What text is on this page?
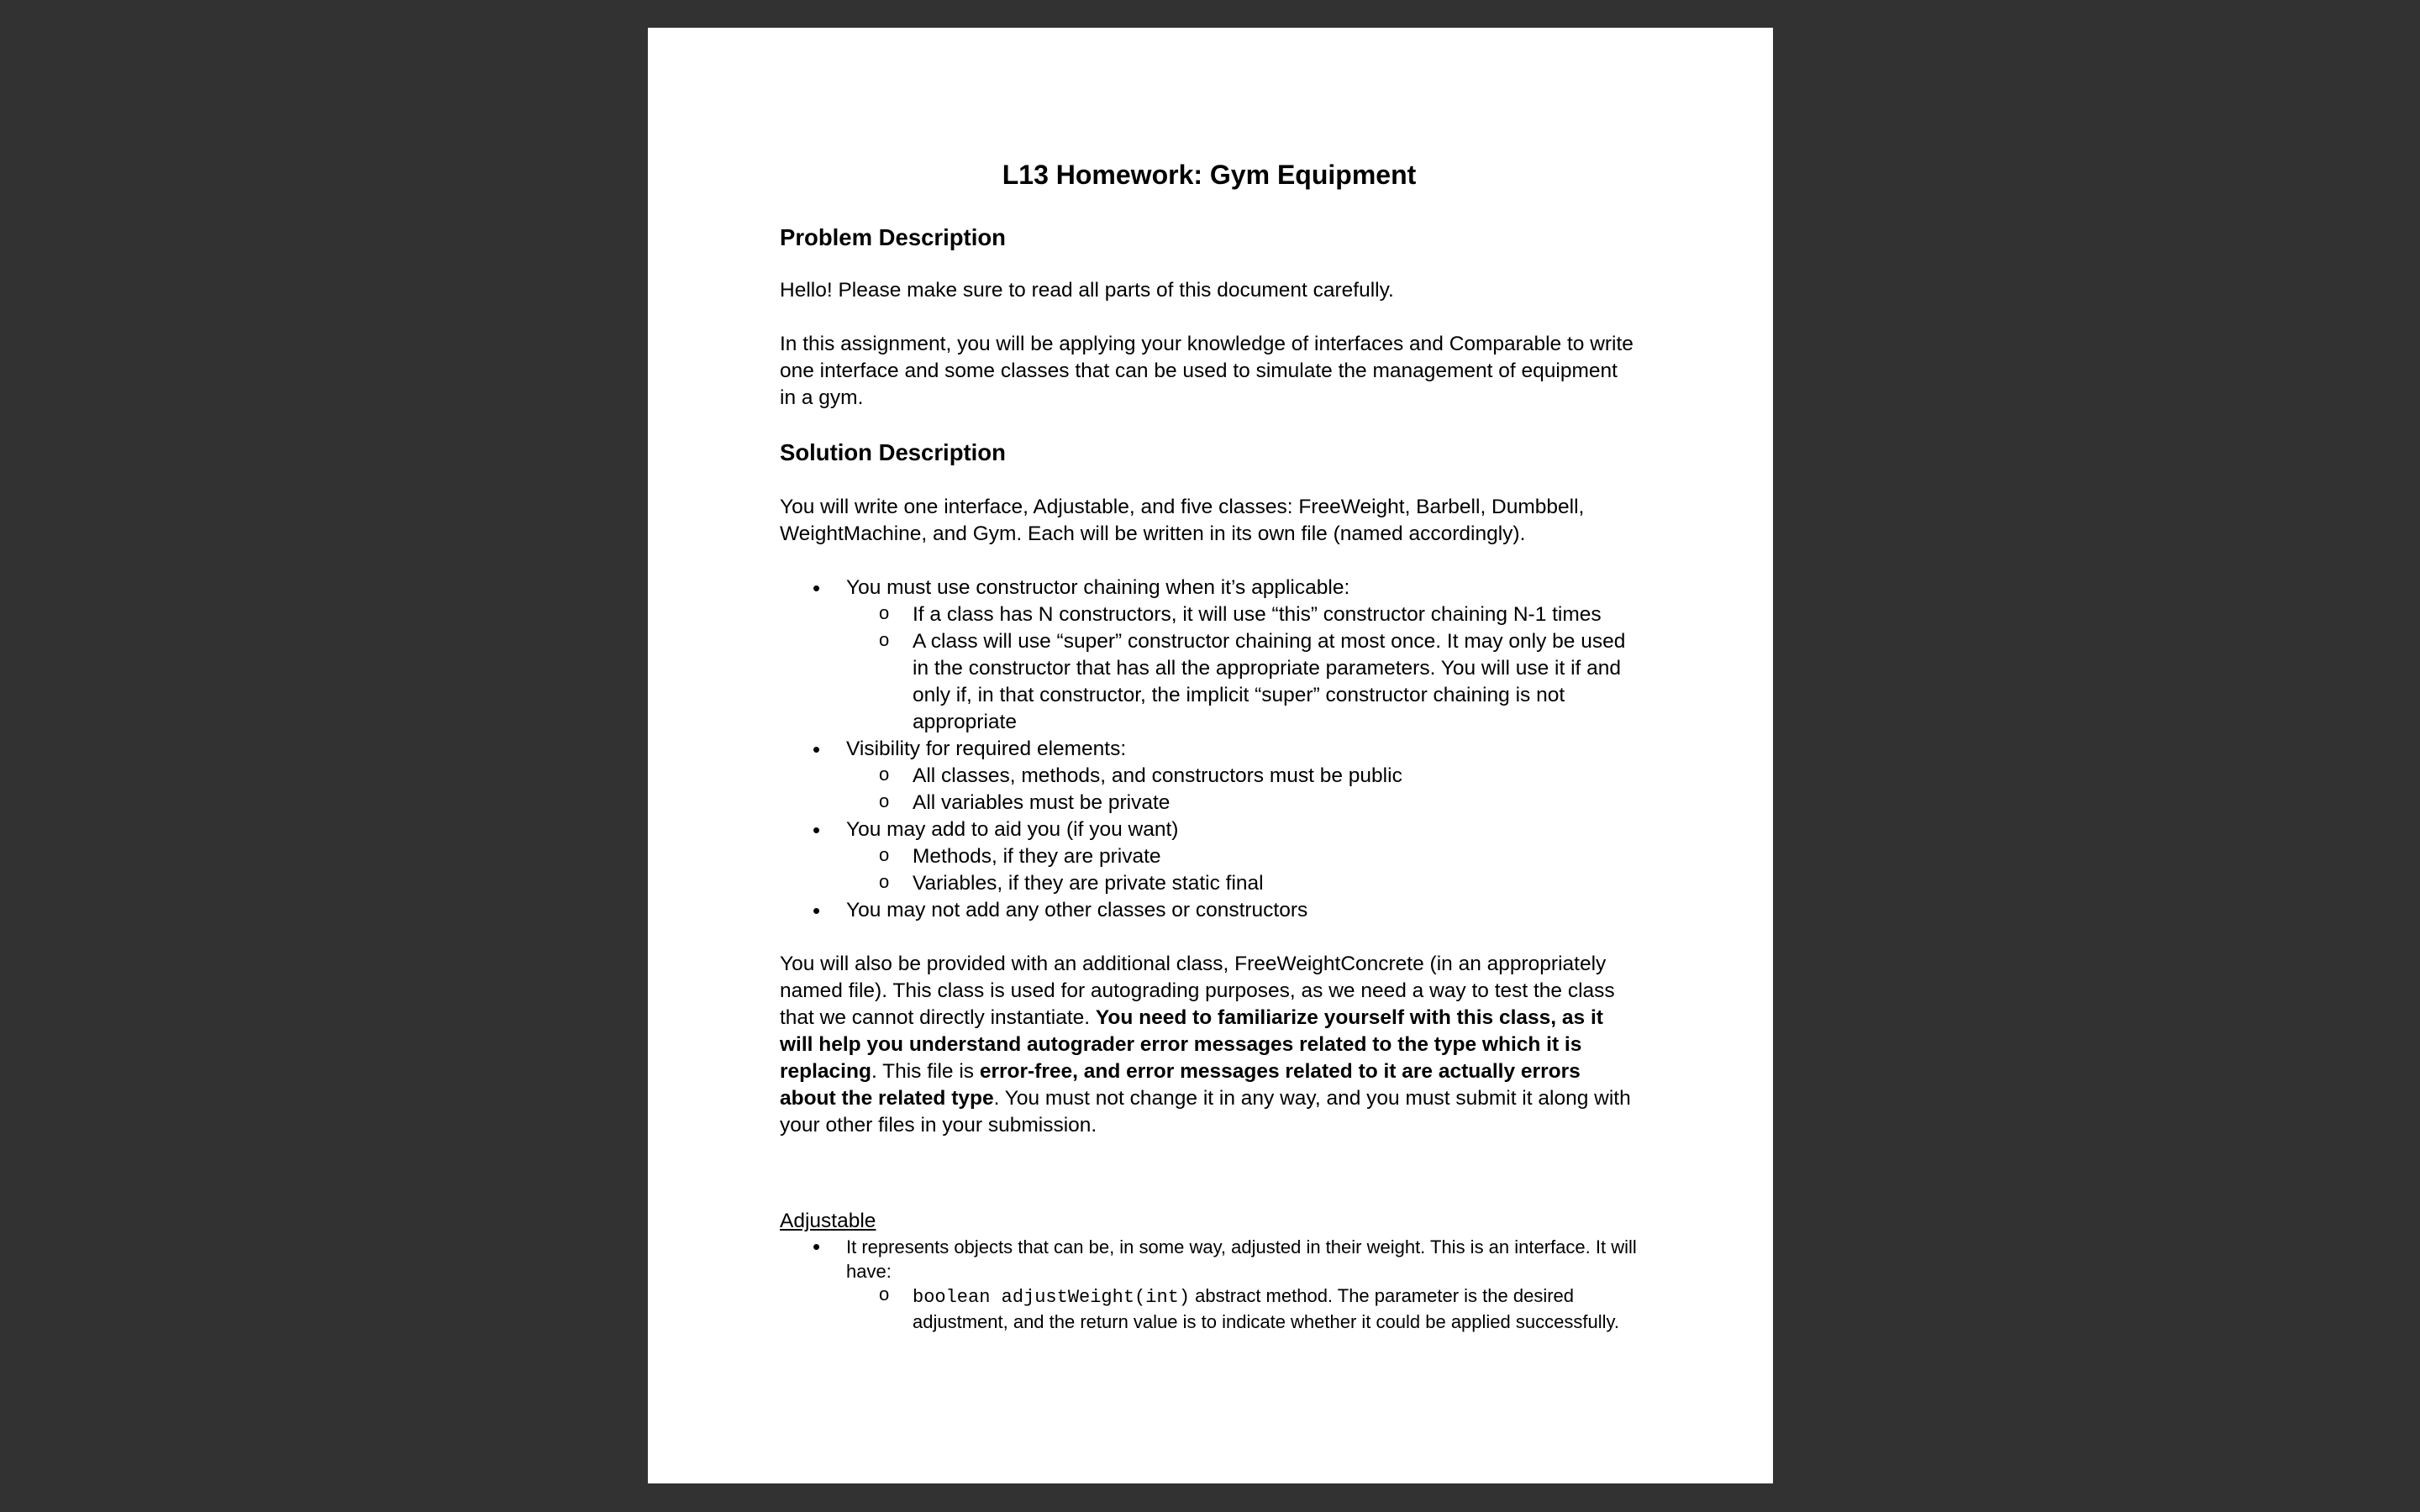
L13 Homework: Gym Equipment
Problem Description

Hello! Please make sure to read all parts of this document carefully.

In this assignment, you will be applying your knowledge of interfaces and Comparable to write one interface and some classes that can be used to simulate the management of equipment in a gym.

Solution Description

You will write one interface, Adjustable, and five classes: FreeWeight, Barbell, Dumbbell, WeightMachine, and Gym. Each will be written in its own file (named accordingly).

• You must use constructor chaining when it’s applicable:
o If a class has N constructors, it will use “this” constructor chaining N-1 times
o A class will use “super” constructor chaining at most once. It may only be used in the constructor that has all the appropriate parameters. You will use it if and only if, in that constructor, the implicit “super” constructor chaining is not appropriate
• Visibility for required elements:
o All classes, methods, and constructors must be public
o All variables must be private
• You may add to aid you (if you want)
o Methods, if they are private
o Variables, if they are private static final
• You may not add any other classes or constructors

You will also be provided with an additional class, FreeWeightConcrete (in an appropriately named file). This class is used for autograding purposes, as we need a way to test the class that we cannot directly instantiate. You need to familiarize yourself with this class, as it will help you understand autograder error messages related to the type which it is replacing. This file is error-free, and error messages related to it are actually errors about the related type. You must not change it in any way, and you must submit it along with your other files in your submission.

Adjustable
• It represents objects that can be, in some way, adjusted in their weight. This is an interface. It will have:
o boolean adjustWeight(int) abstract method. The parameter is the desired adjustment, and the return value is to indicate whether it could be applied successfully.
